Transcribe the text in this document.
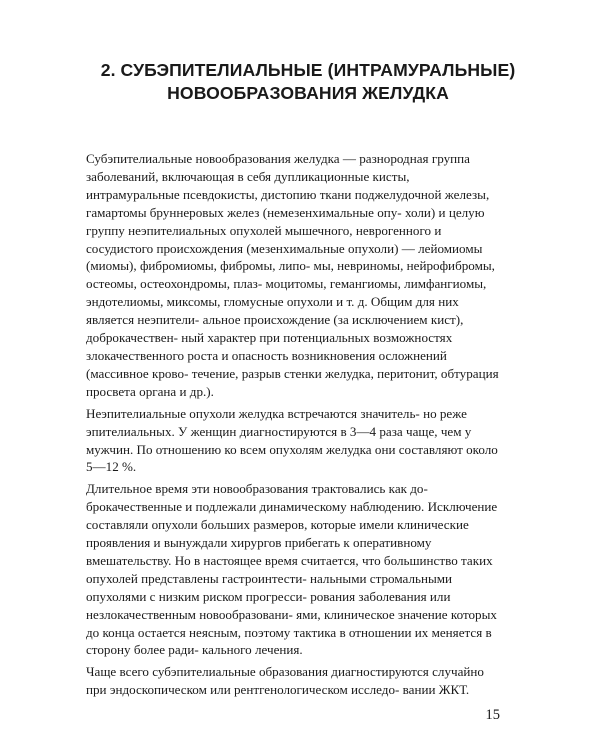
2. СУБЭПИТЕЛИАЛЬНЫЕ (ИНТРАМУРАЛЬНЫЕ)
НОВООБРАЗОВАНИЯ ЖЕЛУДКА
Субэпителиальные новообразования желудка — разнородная группа заболеваний, включающая в себя дупликационные кисты, интрамуральные псевдокисты, дистопию ткани поджелудочной железы, гамартомы бруннеровых желез (немезенхимальные опу- холи) и целую группу неэпителиальных опухолей мышечного, неврогенного и сосудистого происхождения (мезенхимальные опухоли) — лейомиомы (миомы), фибромиомы, фибромы, липо- мы, невриномы, нейрофибромы, остеомы, остеохондромы, плаз- моцитомы, гемангиомы, лимфангиомы, эндотелиомы, миксомы, гломусные опухоли и т. д. Общим для них является неэпители- альное происхождение (за исключением кист), доброкачествен- ный характер при потенциальных возможностях злокачественного роста и опасность возникновения осложнений (массивное крово- течение, разрыв стенки желудка, перитонит, обтурация просвета органа и др.).
Неэпителиальные опухоли желудка встречаются значитель- но реже эпителиальных. У женщин диагностируются в 3—4 раза чаще, чем у мужчин. По отношению ко всем опухолям желудка они составляют около 5—12 %.
Длительное время эти новообразования трактовались как до- брокачественные и подлежали динамическому наблюдению. Исключение составляли опухоли больших размеров, которые имели клинические проявления и вынуждали хирургов прибегать к оперативному вмешательству. Но в настоящее время считается, что большинство таких опухолей представлены гастроинтести- нальными стромальными опухолями с низким риском прогресси- рования заболевания или незлокачественным новообразовани- ями, клиническое значение которых до конца остается неясным, поэтому тактика в отношении их меняется в сторону более ради- кального лечения.
Чаще всего субэпителиальные образования диагностируются случайно при эндоскопическом или рентгенологическом исследо- вании ЖКТ.
15
